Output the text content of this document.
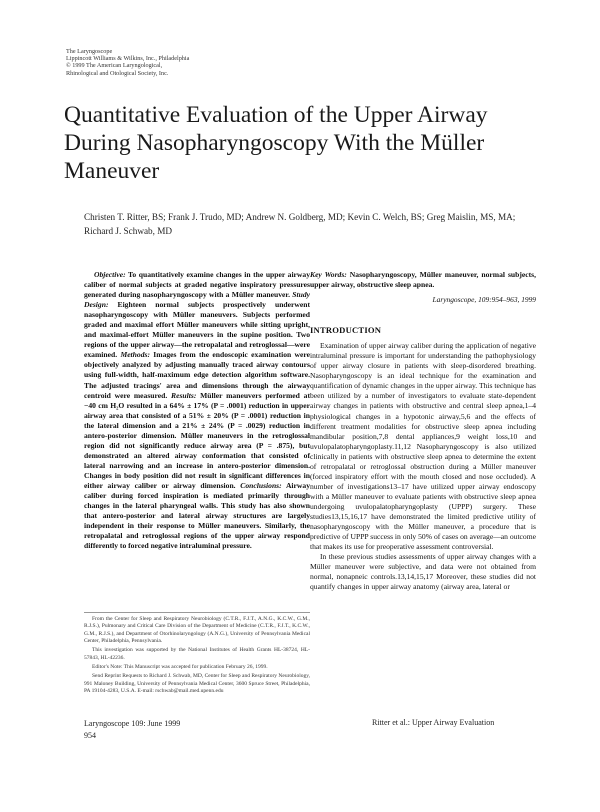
The Laryngoscope
Lippincott Williams & Wilkins, Inc., Philadelphia
© 1999 The American Laryngological,
Rhinological and Otological Society, Inc.
Quantitative Evaluation of the Upper Airway During Nasopharyngoscopy With the Müller Maneuver
Christen T. Ritter, BS; Frank J. Trudo, MD; Andrew N. Goldberg, MD; Kevin C. Welch, BS; Greg Maislin, MS, MA; Richard J. Schwab, MD

Objective: To quantitatively examine changes in the upper airway caliber of normal subjects at graded negative inspiratory pressures generated during nasopharyngoscopy with a Müller maneuver. Study Design: Eighteen normal subjects prospectively underwent nasopharyngoscopy with Müller maneuvers. Subjects performed graded and maximal effort Müller maneuvers while sitting upright, and maximal-effort Müller maneuvers in the supine position. Two regions of the upper airway—the retropalatal and retroglossal—were examined. Methods: Images from the endoscopic examination were objectively analyzed by adjusting manually traced airway contours using full-width, half-maximum edge detection algorithm software. The adjusted tracings' area and dimensions through the airway centroid were measured. Results: Müller maneuvers performed at −40 cm H₂O resulted in a 64% ± 17% (P = .0001) reduction in upper airway area that consisted of a 51% ± 20% (P = .0001) reduction in the lateral dimension and a 21% ± 24% (P = .0029) reduction in antero-posterior dimension. Müller maneuvers in the retroglossal region did not significantly reduce airway area (P = .875), but demonstrated an altered airway conformation that consisted of lateral narrowing and an increase in antero-posterior dimension. Changes in body position did not result in significant differences in either airway caliber or airway dimension. Conclusions: Airway caliber during forced inspiration is mediated primarily through changes in the lateral pharyngeal walls. This study has also shown that antero-posterior and lateral airway structures are largely independent in their response to Müller maneuvers. Similarly, the retropalatal and retroglossal regions of the upper airway respond differently to forced negative intraluminal pressure.

From the Center for Sleep and Respiratory Neurobiology (C.T.R., F.J.T., A.N.G., K.C.W., G.M., R.J.S.), Pulmonary and Critical Care Division of the Department of Medicine (C.T.R., F.J.T., K.C.W., G.M., R.J.S.), and Department of Otorhinolaryngology (A.N.G.), University of Pennsylvania Medical Center, Philadelphia, Pennsylvania.

This investigation was supported by the National Institutes of Health Grants HL-38724, HL-57843, HL-42236.

Editor's Note: This Manuscript was accepted for publication February 26, 1999.

Send Reprint Requests to Richard J. Schwab, MD, Center for Sleep and Respiratory Neurobiology, 991 Maloney Building, University of Pennsylvania Medical Center, 3600 Spruce Street, Philadelphia, PA 19104-4283, U.S.A. E-mail: rschwab@mail.med.upenn.edu

Key Words: Nasopharyngoscopy, Müller maneuver, normal subjects, upper airway, obstructive sleep apnea.

Laryngoscope, 109:954–963, 1999
INTRODUCTION

Examination of upper airway caliber during the application of negative intraluminal pressure is important for understanding the pathophysiology of upper airway closure in patients with sleep-disordered breathing. Nasopharyngoscopy is an ideal technique for the examination and quantification of dynamic changes in the upper airway. This technique has been utilized by a number of investigators to evaluate state-dependent airway changes in patients with obstructive and central sleep apnea,1–4 physiological changes in a hypotonic airway,5,6 and the effects of different treatment modalities for obstructive sleep apnea including mandibular position,7,8 dental appliances,9 weight loss,10 and uvulopalatopharyngoplasty.11,12 Nasopharyngoscopy is also utilized clinically in patients with obstructive sleep apnea to determine the extent of retropalatal or retroglossal obstruction during a Müller maneuver (forced inspiratory effort with the mouth closed and nose occluded). A number of investigations13–17 have utilized upper airway endoscopy with a Müller maneuver to evaluate patients with obstructive sleep apnea undergoing uvulopalatopharyngoplasty (UPPP) surgery. These studies13,15,16,17 have demonstrated the limited predictive utility of nasopharyngoscopy with the Müller maneuver, a procedure that is predictive of UPPP success in only 50% of cases on average—an outcome that makes its use for preoperative assessment controversial.

In these previous studies assessments of upper airway changes with a Müller maneuver were subjective, and data were not obtained from normal, nonapneic controls.13,14,15,17 Moreover, these studies did not quantify changes in upper airway anatomy (airway area, lateral or

Laryngoscope 109: June 1999
954
Ritter et al.: Upper Airway Evaluation
